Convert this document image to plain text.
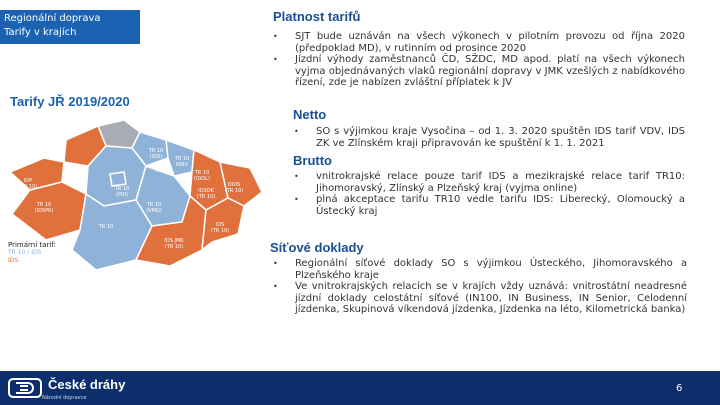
Regionální doprava
Tarify v krajích
Tarify JŘ 2019/2020
ODIS (TR 10)
TR 10 (IDOL)
TR 10 KNIV
TR 10 (IDS)
IDP (TR 10)
TR 10
TR 10 (PID)
TR 10
IDSOK (TR 10)
TR 10 (IDSPK)
IDS JMK (TR 10)
IDS (TR 10)
TR 10 (VMO)
Primární tarif:
TR 10 / IDS
IDS
Platnost tarifů
• SJT bude uznáván na všech výkonech v pilotním provozu od října 2020 (předpoklad MD), v rutinním od prosince 2020
• Jízdní výhody zaměstnanců ČD, SŽDC, MD apod. platí na všech výkonech vyjma objednávaných vlaků regionální dopravy v JMK vzešlých z nabídkového řízení, zde je nabízen zvláštní příplatek k JV
Netto
• SO s výjimkou kraje Vysočina – od 1. 3. 2020 spuštěn IDS tarif VDV, IDS ZK ve Zlínském kraji připravován ke spuštění k 1. 1. 2021
Brutto
• vnitrokrajské relace pouze tarif IDS a mezikrajské relace tarif TR10: Jihomoravský, Zlínský a Plzeňský kraj (vyjma online)
• plná akceptace tarifu TR10 vedle tarifu IDS: Liberecký, Olomoucký a Ústecký kraj
Síťové doklady
• Regionální síťové doklady SO s výjimkou Ústeckého, Jihomoravského a Plzeňského kraje
• Ve vnitrokrajských relacích se v krajích vždy uznává: vnitrostátní neadresné jízdní doklady celostátní síťové (IN100, IN Business, IN Senior, Celodenní jízdenka, Skupinová víkendová jízdenka, Jízdenka na léto, Kilometrická banka)
České dráhy
Národní dopravce
6
